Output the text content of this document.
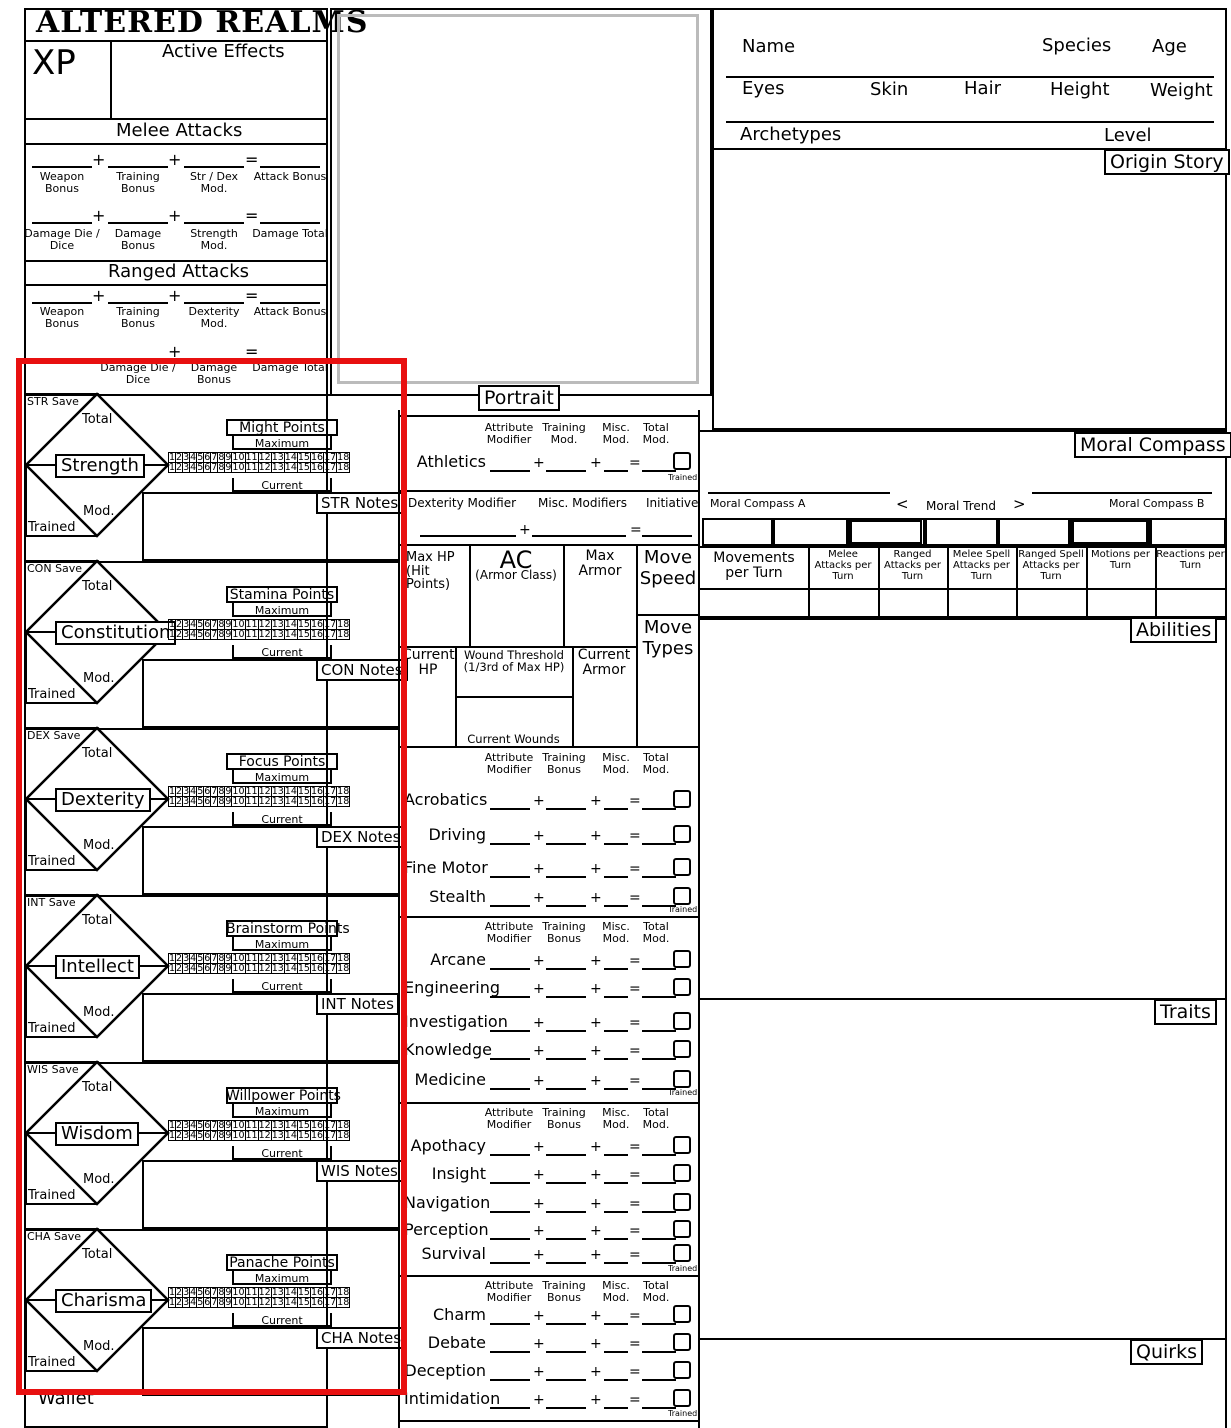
ALTERED REALMS
XP	Active Effects
Melee Attacks
+	+	=
Weapon Bonus
Training Bonus
Str / Dex Mod.
Attack Bonus
+	+	=
Damage Die / Dice
Damage Bonus
Strength Mod.
Damage Total
Ranged Attacks
+	+	=
Weapon Bonus
Training Bonus
Dexterity Mod.
Attack Bonus
+	=
Damage Die / Dice
Damage Bonus
Damage Total
STR Save
Total
Strength
Mod.
Trained
Might Points
Maximum
1	2	3	4	5	6	7	8	9	10	11	12	13	14	15	16	17	18
1	2	3	4	5	6	7	8	9	10	11	12	13	14	15	16	17	18
Current
STR Notes
CON Save
Total
Constitution
Mod.
Trained
Stamina Points
Maximum
1	2	3	4	5	6	7	8	9	10	11	12	13	14	15	16	17	18
1	2	3	4	5	6	7	8	9	10	11	12	13	14	15	16	17	18
Current
CON Notes
DEX Save
Total
Dexterity
Mod.
Trained
Focus Points
Maximum
1	2	3	4	5	6	7	8	9	10	11	12	13	14	15	16	17	18
1	2	3	4	5	6	7	8	9	10	11	12	13	14	15	16	17	18
Current
DEX Notes
INT Save
Total
Intellect
Mod.
Trained
Brainstorm Points
Maximum
1	2	3	4	5	6	7	8	9	10	11	12	13	14	15	16	17	18
1	2	3	4	5	6	7	8	9	10	11	12	13	14	15	16	17	18
Current
INT Notes
WIS Save
Total
Wisdom
Mod.
Trained
Willpower Points
Maximum
1	2	3	4	5	6	7	8	9	10	11	12	13	14	15	16	17	18
1	2	3	4	5	6	7	8	9	10	11	12	13	14	15	16	17	18
Current
WIS Notes
CHA Save
Total
Charisma
Mod.
Trained
Panache Points
Maximum
1	2	3	4	5	6	7	8	9	10	11	12	13	14	15	16	17	18
1	2	3	4	5	6	7	8	9	10	11	12	13	14	15	16	17	18
Current
CHA Notes
Wallet
Portrait
Attribute Modifier
Training Mod.
Misc. Mod.
Total Mod.
Athletics	+	+ =
Trained
Dexterity Modifier Misc. Modifiers Initiative
+	=
Attribute Modifier
Training Bonus
Misc. Mod.
Total Mod.
Acrobatics	+	+ =
Driving	+	+ =
Fine Motor	+	+ =
Stealth	+	+ =
Trained
Attribute Modifier
Training Bonus
Misc. Mod.
Total Mod.
Arcane	+	+ =
Engineering +	+ =
Investigation +	+ =
Knowledge	+	+ =
Medicine	+	+ =
Trained
Attribute Modifier
Training Bonus
Misc. Mod.
Total Mod.
Apothacy	+	+ =
Insight	+	+ =
Navigation	+	+ =
Perception	+	+ =
Survival	+	+ =
Trained
Attribute Modifier
Training Bonus
Misc. Mod.
Total Mod.
Charm	+	+ =
Debate	+	+ =
Deception	+	+ =
Intimidation +	+ =
Trained
Max HP (Hit Points)
AC
(Armor Class)
Max Armor
Move Speed
Move Types
Current HP
Wound Threshold (1/3rd of Max HP)
Current Armor
Current Wounds
Name	Species Age
Eyes	Skin	Hair	Height Weight
Archetypes	Level
Origin Story
Moral Compass
Moral Compass A	< Moral Trend >	Moral Compass B
Movements per Turn
Melee Attacks per Turn
Ranged Attacks per Turn
Melee Spell Attacks per Turn
Ranged Spell Attacks per Turn
Motions per Turn
Reactions per Turn
Abilities
Traits
Quirks
